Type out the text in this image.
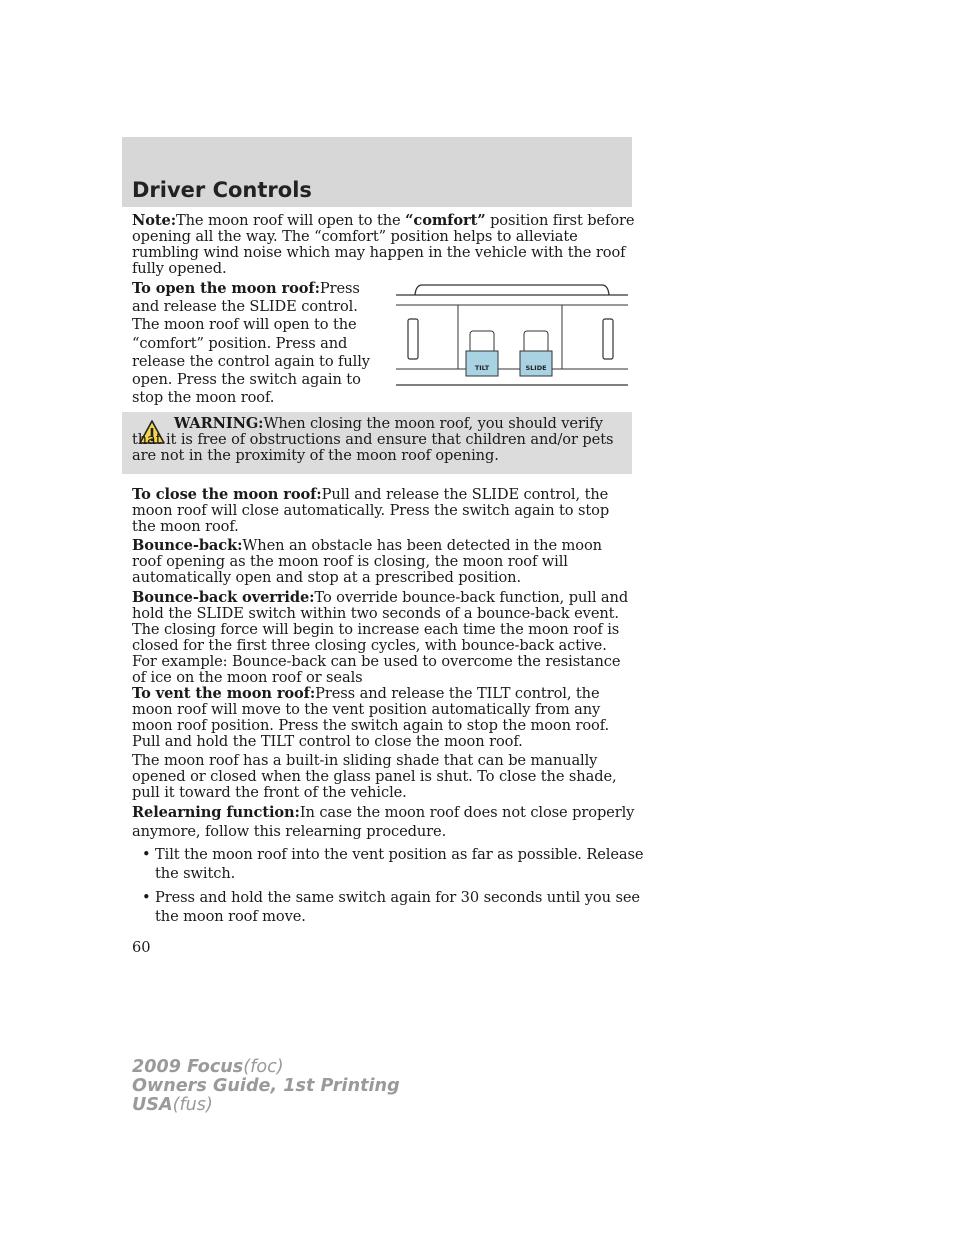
Driver Controls

Note:The moon roof will open to the “comfort” position first before opening all the way. The “comfort” position helps to alleviate rumbling wind noise which may happen in the vehicle with the roof fully opened.

To open the moon roof:Press and release the SLIDE control. The moon roof will open to the “comfort” position. Press and release the control again to fully open. Press the switch again to stop the moon roof.

TILT	SLIDE

WARNING:When closing the moon roof, you should verify that it is free of obstructions and ensure that children and/or pets are not in the proximity of the moon roof opening.

To close the moon roof:Pull and release the SLIDE control, the moon roof will close automatically. Press the switch again to stop the moon roof.

Bounce-back:When an obstacle has been detected in the moon roof opening as the moon roof is closing, the moon roof will automatically open and stop at a prescribed position.

Bounce-back override:To override bounce-back function, pull and hold the SLIDE switch within two seconds of a bounce-back event. The closing force will begin to increase each time the moon roof is closed for the first three closing cycles, with bounce-back active. For example: Bounce-back can be used to overcome the resistance of ice on the moon roof or seals

To vent the moon roof:Press and release the TILT control, the moon roof will move to the vent position automatically from any moon roof position. Press the switch again to stop the moon roof. Pull and hold the TILT control to close the moon roof.

The moon roof has a built-in sliding shade that can be manually opened or closed when the glass panel is shut. To close the shade, pull it toward the front of the vehicle.

Relearning function:In case the moon roof does not close properly anymore, follow this relearning procedure.

• Tilt the moon roof into the vent position as far as possible. Release the switch.

• Press and hold the same switch again for 30 seconds until you see the moon roof move.

60
2009 Focus(foc)
Owners Guide, 1st Printing
USA(fus)
